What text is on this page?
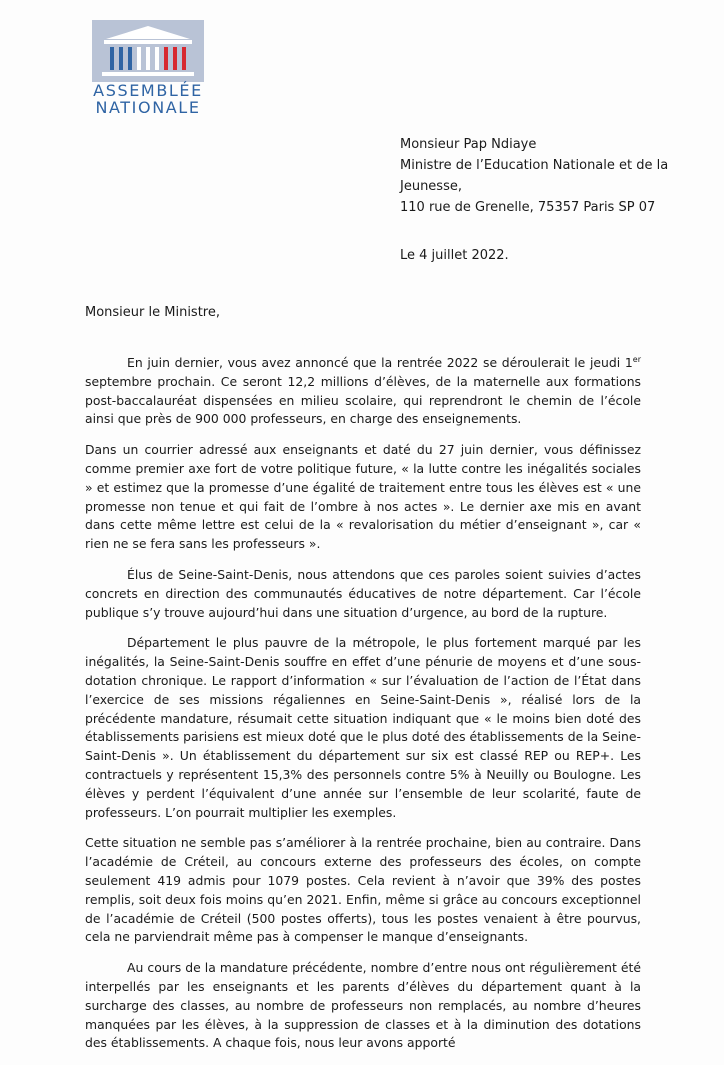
ASSEMBLÉE
NATIONALE
Monsieur Pap Ndiaye
Ministre de l’Education Nationale et de la
Jeunesse,
110 rue de Grenelle, 75357 Paris SP 07
Le 4 juillet 2022.
Monsieur le Ministre,

En juin dernier, vous avez annoncé que la rentrée 2022 se déroulerait le jeudi 1er septembre prochain. Ce seront 12,2 millions d’élèves, de la maternelle aux formations post-baccalauréat dispensées en milieu scolaire, qui reprendront le chemin de l’école ainsi que près de 900 000 professeurs, en charge des enseignements.

Dans un courrier adressé aux enseignants et daté du 27 juin dernier, vous définissez comme premier axe fort de votre politique future, « la lutte contre les inégalités sociales » et estimez que la promesse d’une égalité de traitement entre tous les élèves est « une promesse non tenue et qui fait de l’ombre à nos actes ». Le dernier axe mis en avant dans cette même lettre est celui de la « revalorisation du métier d’enseignant », car « rien ne se fera sans les professeurs ».

Élus de Seine-Saint-Denis, nous attendons que ces paroles soient suivies d’actes concrets en direction des communautés éducatives de notre département. Car l’école publique s’y trouve aujourd’hui dans une situation d’urgence, au bord de la rupture.

Département le plus pauvre de la métropole, le plus fortement marqué par les inégalités, la Seine-Saint-Denis souffre en effet d’une pénurie de moyens et d’une sous-dotation chronique. Le rapport d’information « sur l’évaluation de l’action de l’État dans l’exercice de ses missions régaliennes en Seine-Saint-Denis », réalisé lors de la précédente mandature, résumait cette situation indiquant que « le moins bien doté des établissements parisiens est mieux doté que le plus doté des établissements de la Seine-Saint-Denis ». Un établissement du département sur six est classé REP ou REP+. Les contractuels y représentent 15,3% des personnels contre 5% à Neuilly ou Boulogne. Les élèves y perdent l’équivalent d’une année sur l’ensemble de leur scolarité, faute de professeurs. L’on pourrait multiplier les exemples.

Cette situation ne semble pas s’améliorer à la rentrée prochaine, bien au contraire. Dans l’académie de Créteil, au concours externe des professeurs des écoles, on compte seulement 419 admis pour 1079 postes. Cela revient à n’avoir que 39% des postes remplis, soit deux fois moins qu’en 2021. Enfin, même si grâce au concours exceptionnel de l’académie de Créteil (500 postes offerts), tous les postes venaient à être pourvus, cela ne parviendrait même pas à compenser le manque d’enseignants.

Au cours de la mandature précédente, nombre d’entre nous ont régulièrement été interpellés par les enseignants et les parents d’élèves du département quant à la surcharge des classes, au nombre de professeurs non remplacés, au nombre d’heures manquées par les élèves, à la suppression de classes et à la diminution des dotations des établissements. A chaque fois, nous leur avons apporté
